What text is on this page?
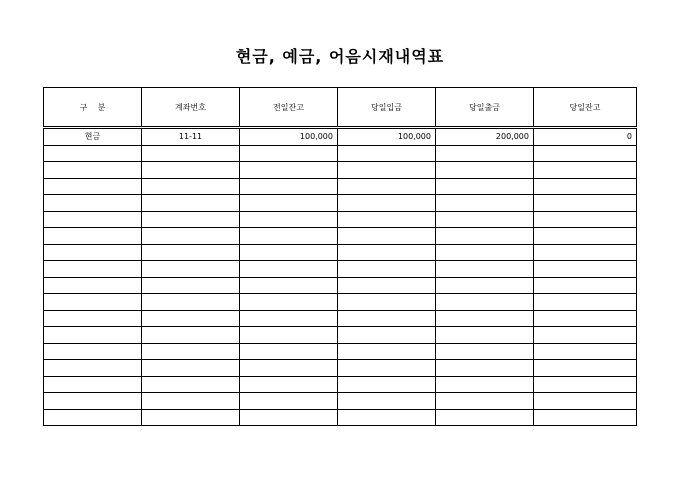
현금, 예금, 어음시재내역표
구    분	계좌번호	전일잔고	당일입금	당일출금	당일잔고
현금	11-11	100,000	100,000	200,000	0
